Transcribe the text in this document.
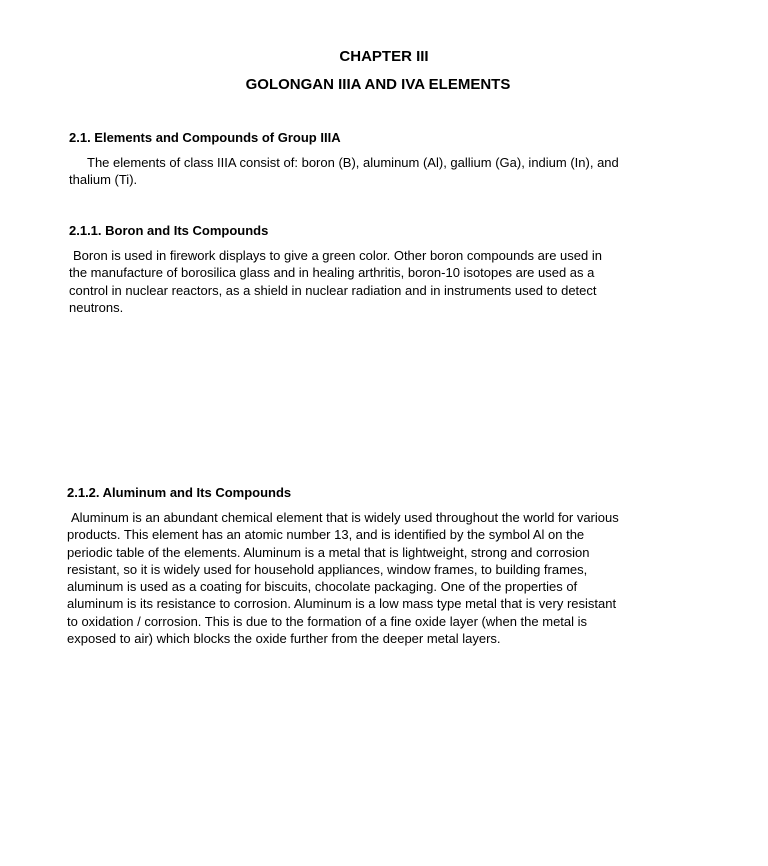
CHAPTER III
GOLONGAN IIIA AND IVA ELEMENTS
2.1. Elements and Compounds of Group IIIA

The elements of class IIIA consist of: boron (B), aluminum (Al), gallium (Ga), indium (In), and
thalium (Ti).

2.1.1. Boron and Its Compounds

Boron is used in firework displays to give a green color. Other boron compounds are used in
the manufacture of borosilica glass and in healing arthritis, boron-10 isotopes are used as a
control in nuclear reactors, as a shield in nuclear radiation and in instruments used to detect
neutrons.

2.1.2. Aluminum and Its Compounds

Aluminum is an abundant chemical element that is widely used throughout the world for various
products. This element has an atomic number 13, and is identified by the symbol Al on the
periodic table of the elements. Aluminum is a metal that is lightweight, strong and corrosion
resistant, so it is widely used for household appliances, window frames, to building frames,
aluminum is used as a coating for biscuits, chocolate packaging. One of the properties of
aluminum is its resistance to corrosion. Aluminum is a low mass type metal that is very resistant
to oxidation / corrosion. This is due to the formation of a fine oxide layer (when the metal is
exposed to air) which blocks the oxide further from the deeper metal layers.
